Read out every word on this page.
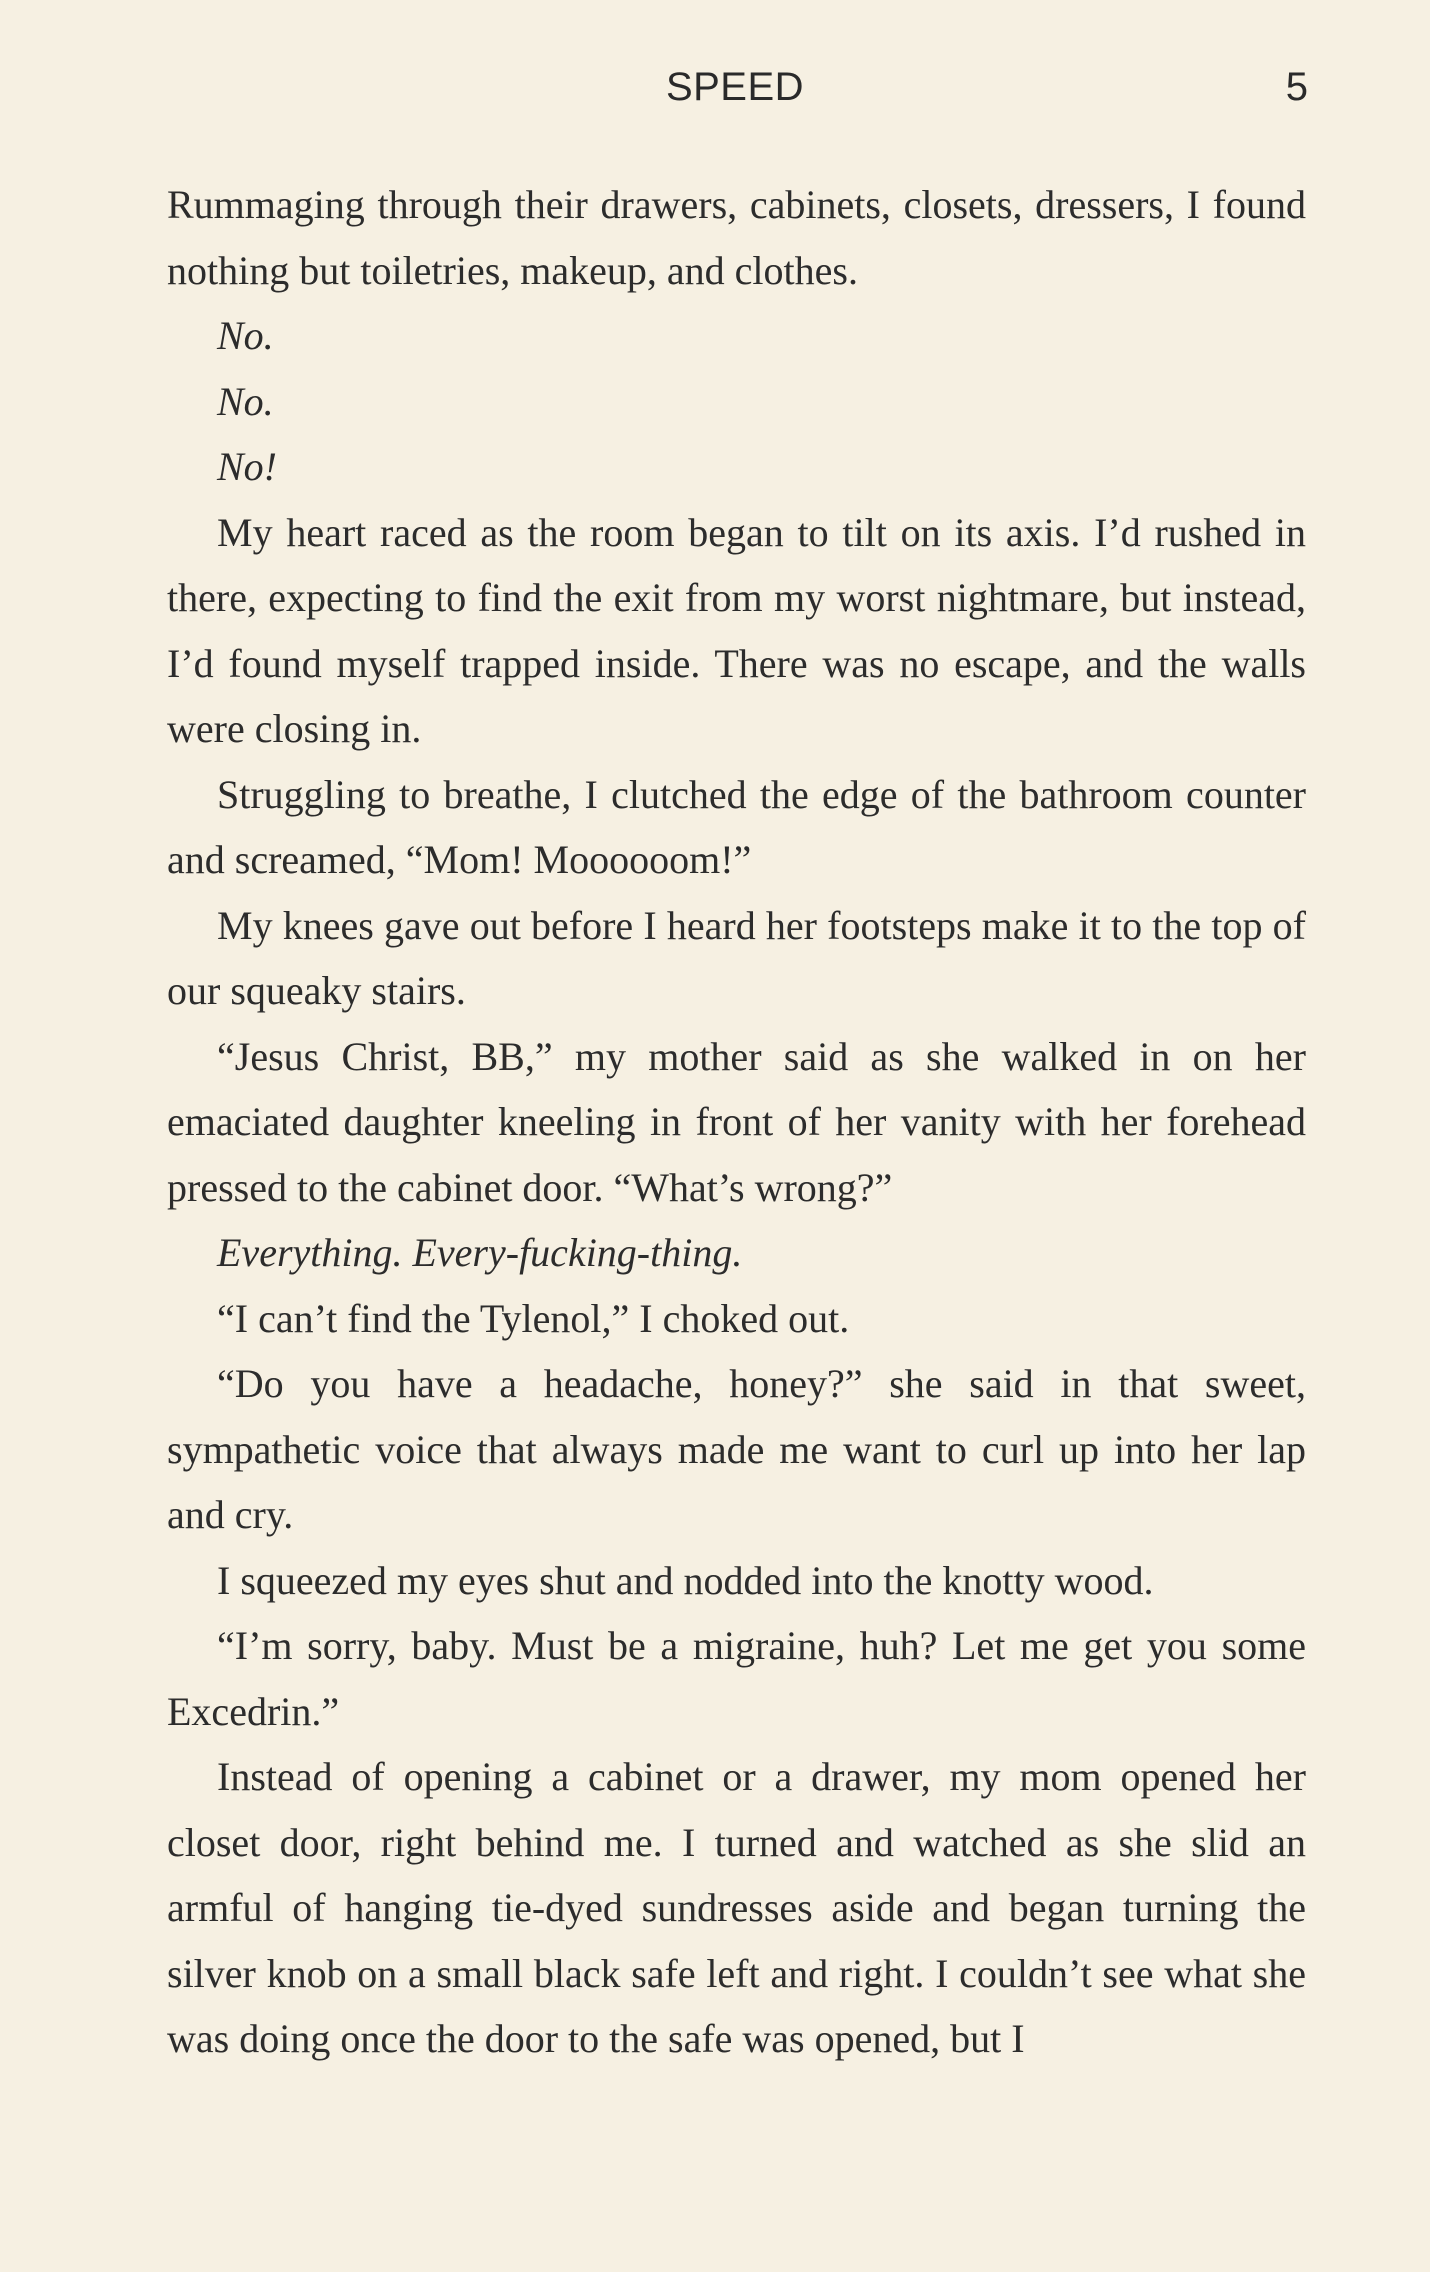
SPEED	5

Rummaging through their drawers, cabinets, closets, dressers, I found nothing but toiletries, makeup, and clothes.

No.

No.

No!

My heart raced as the room began to tilt on its axis. I’d rushed in there, expecting to find the exit from my worst nightmare, but instead, I’d found myself trapped inside. There was no escape, and the walls were closing in.

Struggling to breathe, I clutched the edge of the bathroom counter and screamed, “Mom! Moooooom!”

My knees gave out before I heard her footsteps make it to the top of our squeaky stairs.

“Jesus Christ, BB,” my mother said as she walked in on her emaciated daughter kneeling in front of her vanity with her forehead pressed to the cabinet door. “What’s wrong?”

Everything. Every-fucking-thing.

“I can’t find the Tylenol,” I choked out.

“Do you have a headache, honey?” she said in that sweet, sympathetic voice that always made me want to curl up into her lap and cry.

I squeezed my eyes shut and nodded into the knotty wood.

“I’m sorry, baby. Must be a migraine, huh? Let me get you some Excedrin.”

Instead of opening a cabinet or a drawer, my mom opened her closet door, right behind me. I turned and watched as she slid an armful of hanging tie-dyed sundresses aside and began turning the silver knob on a small black safe left and right. I couldn’t see what she was doing once the door to the safe was opened, but I
